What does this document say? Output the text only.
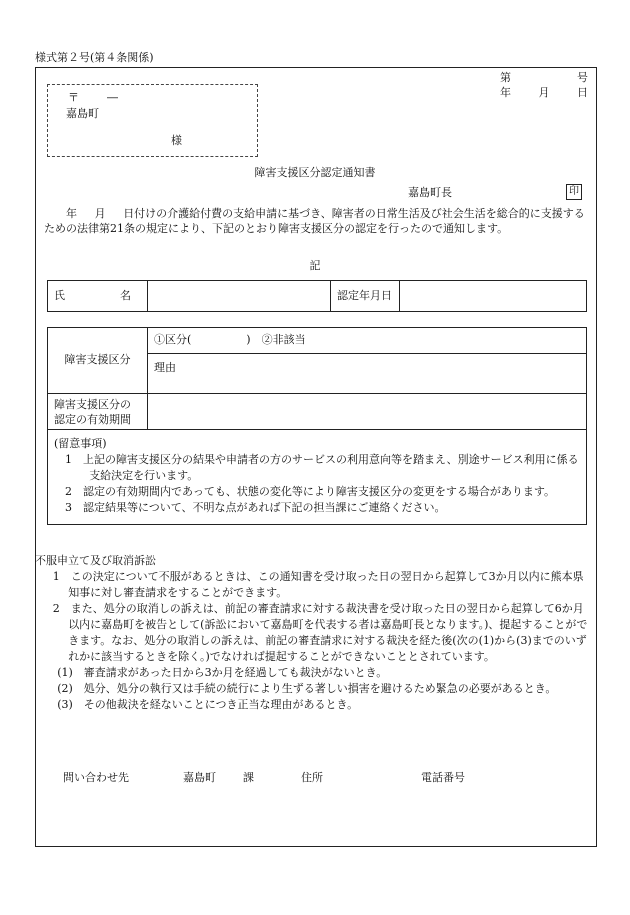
様式第２号(第４条関係)
第	号
年	月	日
〒	―
嘉島町
様
障害支援区分認定通知書
嘉島町長	印
年 月 日付けの介護給付費の支給申請に基づき、障害者の日常生活及び社会生活を総合的に支援するための法律第21条の規定により、下記のとおり障害支援区分の認定を行ったので通知します。
記
氏　　　　　名		認定年月日	
障害支援区分	①区分(　　　　　)　②非該当
	理由

障害支援区分の
認定の有効期間	

(留意事項)
1　上記の障害支援区分の結果や申請者の方のサービスの利用意向等を踏まえ、別途サービス利用に係る支給決定を行います。
2　認定の有効期間内であっても、状態の変化等により障害支援区分の変更をする場合があります。
3　認定結果等について、不明な点があれば下記の担当課にご連絡ください。	
不服申立て及び取消訴訟
1　この決定について不服があるときは、この通知書を受け取った日の翌日から起算して3か月以内に熊本県知事に対し審査請求をすることができます。
2　また、処分の取消しの訴えは、前記の審査請求に対する裁決書を受け取った日の翌日から起算して6か月以内に嘉島町を被告として(訴訟において嘉島町を代表する者は嘉島町長となります。)、提起することができます。なお、処分の取消しの訴えは、前記の審査請求に対する裁決を経た後(次の(1)から(3)までのいずれかに該当するときを除く。)でなければ提起することができないこととされています。
(1)　審査請求があった日から3か月を経過しても裁決がないとき。
(2)　処分、処分の執行又は手続の続行により生ずる著しい損害を避けるため緊急の必要があるとき。
(3)　その他裁決を経ないことにつき正当な理由があるとき。
問い合わせ先	嘉島町	課	住所	電話番号
